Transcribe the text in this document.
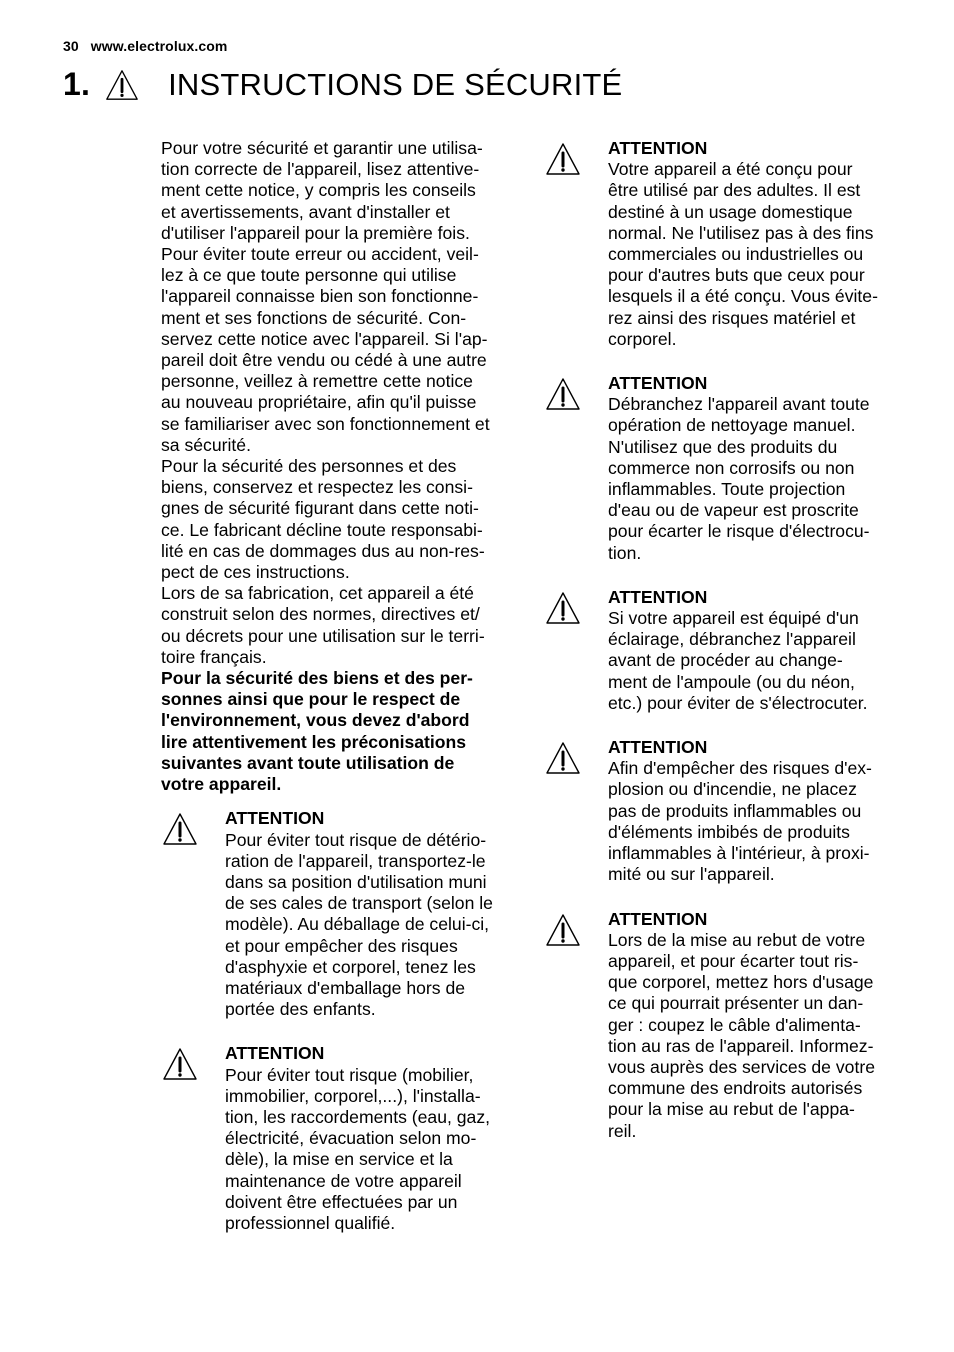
30 www.electrolux.com
1.	INSTRUCTIONS DE SÉCURITÉ

Pour votre sécurité et garantir une utilisa-
tion correcte de l'appareil, lisez attentive-
ment cette notice, y compris les conseils
et avertissements, avant d'installer et
d'utiliser l'appareil pour la première fois.
Pour éviter toute erreur ou accident, veil-
lez à ce que toute personne qui utilise
l'appareil connaisse bien son fonctionne-
ment et ses fonctions de sécurité. Con-
servez cette notice avec l'appareil. Si l'ap-
pareil doit être vendu ou cédé à une autre
personne, veillez à remettre cette notice
au nouveau propriétaire, afin qu'il puisse
se familiariser avec son fonctionnement et
sa sécurité.

Pour la sécurité des personnes et des
biens, conservez et respectez les consi-
gnes de sécurité figurant dans cette noti-
ce. Le fabricant décline toute responsabi-
lité en cas de dommages dus au non-res-
pect de ces instructions.

Lors de sa fabrication, cet appareil a été
construit selon des normes, directives et/
ou décrets pour une utilisation sur le terri-
toire français.

Pour la sécurité des biens et des per-
sonnes ainsi que pour le respect de
l'environnement, vous devez d'abord
lire attentivement les préconisations
suivantes avant toute utilisation de
votre appareil.

ATTENTION
Pour éviter tout risque de détério-
ration de l'appareil, transportez-le
dans sa position d'utilisation muni
de ses cales de transport (selon le
modèle). Au déballage de celui-ci,
et pour empêcher des risques
d'asphyxie et corporel, tenez les
matériaux d'emballage hors de
portée des enfants.
ATTENTION
Pour éviter tout risque (mobilier,
immobilier, corporel,...), l'installa-
tion, les raccordements (eau, gaz,
électricité, évacuation selon mo-
dèle), la mise en service et la
maintenance de votre appareil
doivent être effectuées par un
professionnel qualifié.
ATTENTION
Votre appareil a été conçu pour
être utilisé par des adultes. Il est
destiné à un usage domestique
normal. Ne l'utilisez pas à des fins
commerciales ou industrielles ou
pour d'autres buts que ceux pour
lesquels il a été conçu. Vous évite-
rez ainsi des risques matériel et
corporel.
ATTENTION
Débranchez l'appareil avant toute
opération de nettoyage manuel.
N'utilisez que des produits du
commerce non corrosifs ou non
inflammables. Toute projection
d'eau ou de vapeur est proscrite
pour écarter le risque d'électrocu-
tion.
ATTENTION
Si votre appareil est équipé d'un
éclairage, débranchez l'appareil
avant de procéder au change-
ment de l'ampoule (ou du néon,
etc.) pour éviter de s'électrocuter.
ATTENTION
Afin d'empêcher des risques d'ex-
plosion ou d'incendie, ne placez
pas de produits inflammables ou
d'éléments imbibés de produits
inflammables à l'intérieur, à proxi-
mité ou sur l'appareil.
ATTENTION
Lors de la mise au rebut de votre
appareil, et pour écarter tout ris-
que corporel, mettez hors d'usage
ce qui pourrait présenter un dan-
ger : coupez le câble d'alimenta-
tion au ras de l'appareil. Informez-
vous auprès des services de votre
commune des endroits autorisés
pour la mise au rebut de l'appa-
reil.
